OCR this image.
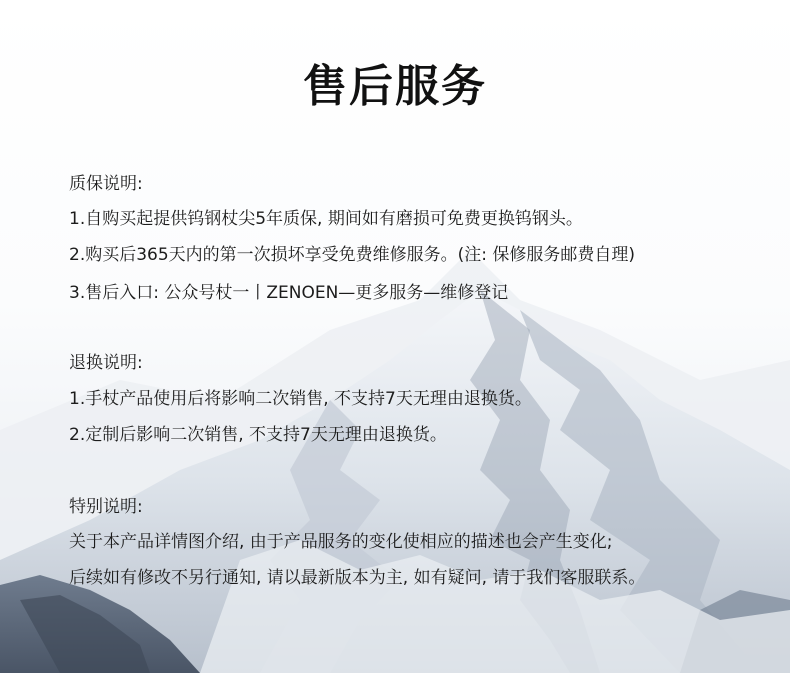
售后服务
质保说明:
1.自购买起提供钨钢杖尖5年质保, 期间如有磨损可免费更换钨钢头。
2.购买后365天内的第一次损坏享受免费维修服务。(注: 保修服务邮费自理)
3.售后入口: 公众号杖一丨ZENOEN—更多服务—维修登记
退换说明:
1.手杖产品使用后将影响二次销售, 不支持7天无理由退换货。
2.定制后影响二次销售, 不支持7天无理由退换货。
特别说明:
关于本产品详情图介绍, 由于产品服务的变化使相应的描述也会产生变化;
后续如有修改不另行通知, 请以最新版本为主, 如有疑问, 请于我们客服联系。
